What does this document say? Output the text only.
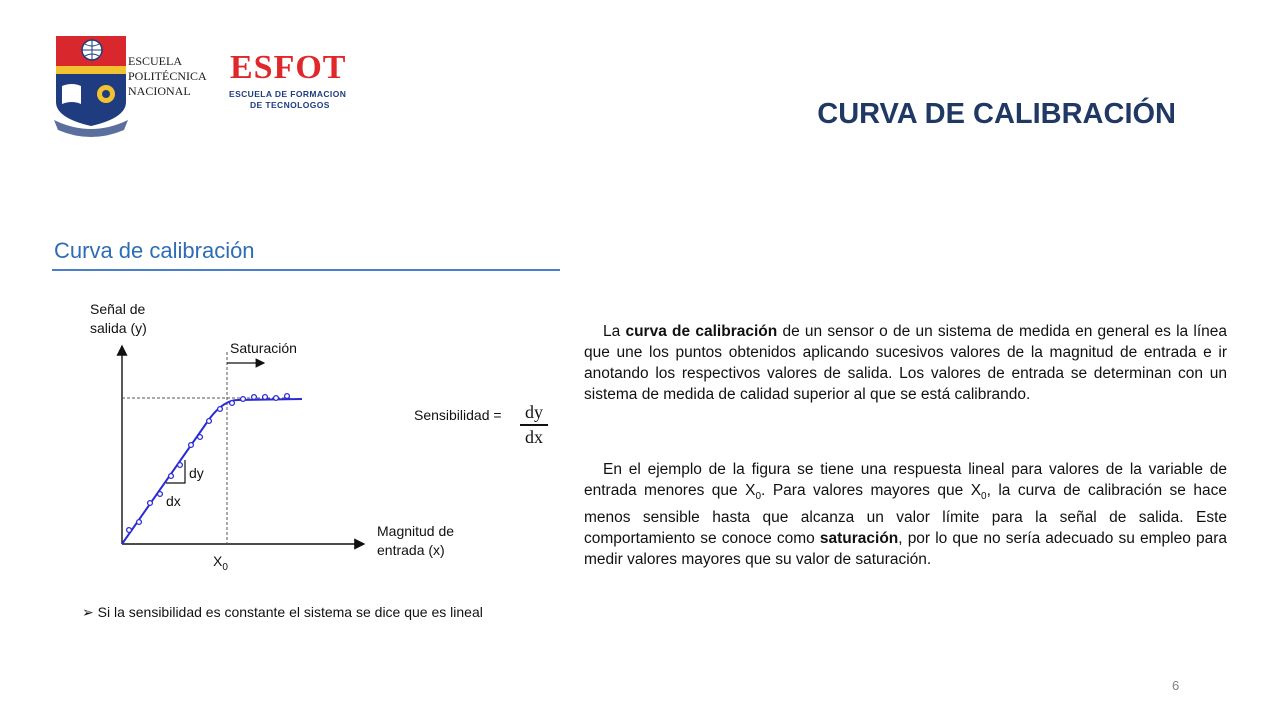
ESCUELA
POLITÉCNICA
NACIONAL
ESFOT
ESCUELA DE FORMACION
DE TECNOLOGOS	CURVA DE CALIBRACIÓN
Curva de calibración
Señal de
salida (y)
Saturación
dy
dx
$X_0$
Magnitud de
entrada (x)
Sensibilidad = dy
dx
➢ Si la sensibilidad es constante el sistema se dice que es lineal
La curva de calibración de un sensor o de un sistema de medida en general es la línea que une los puntos obtenidos aplicando sucesivos valores de la magnitud de entrada e ir anotando los respectivos valores de salida. Los valores de entrada se determinan con un sistema de medida de calidad superior al que se está calibrando.
En el ejemplo de la figura se tiene una respuesta lineal para valores de la variable de entrada menores que $X_0$. Para valores mayores que $X_0$, la curva de calibración se hace menos sensible hasta que alcanza un valor límite para la señal de salida. Este comportamiento se conoce como saturación, por lo que no sería adecuado su empleo para medir valores mayores que su valor de saturación.
6
